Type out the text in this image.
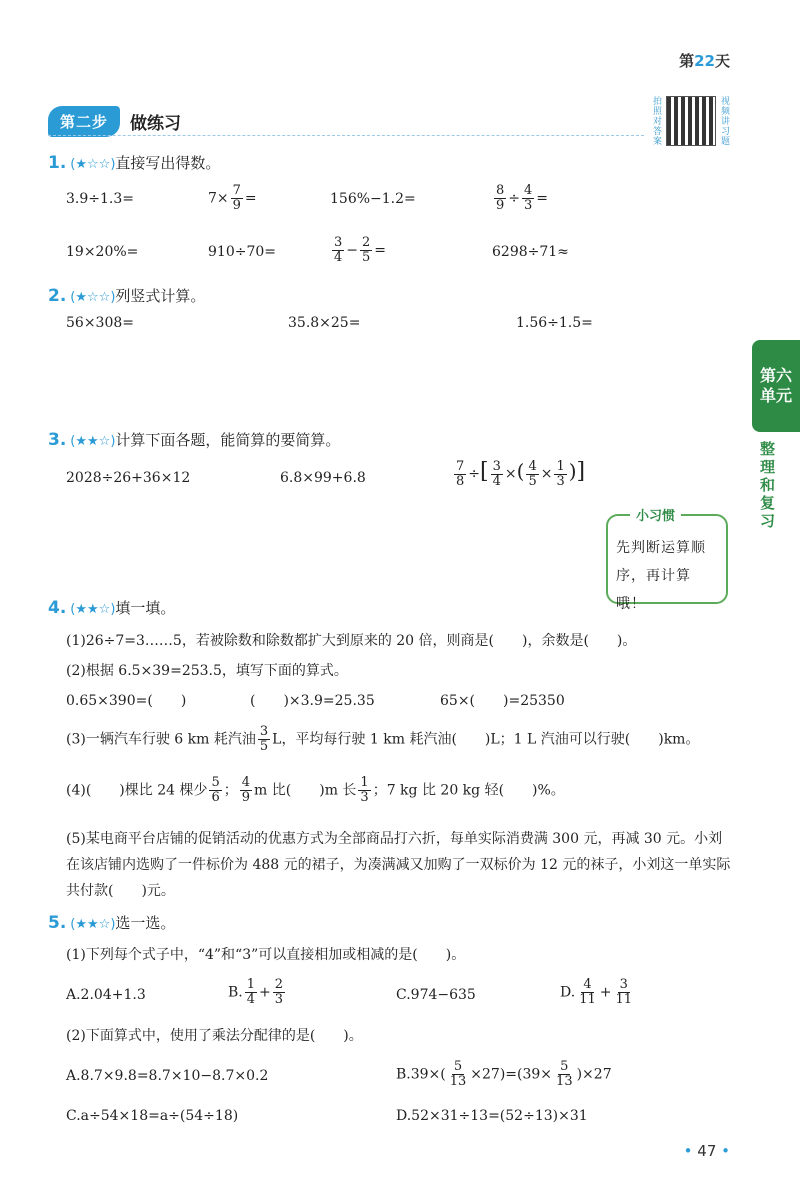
第22天
第二步	做练习	拍照对答案	视频讲习题
第六单元
整理和复习
1. (★☆☆)直接写出得数。
3.9÷1.3=	$7\times \frac{7}{9}$ =	156%−1.2=	$\frac{8}{9} \div \frac{4}{3}$ =
19×20%=	910÷70=	$\frac{3}{4} - \frac{2}{5}$ =	6298÷71≈
2. (★☆☆)列竖式计算。
56×308=	35.8×25=	1.56÷1.5=
3. (★★☆)计算下面各题，能简算的要简算。
2028÷26+36×12	6.8×99+6.8	$\frac{7}{8}$ ÷[ $\frac{3}{4}$ ×( $\frac{4}{5} \times \frac{1}{3}$ )]
小习惯
先判断运算顺序，再计算哦！
4. (★★☆)填一填。
(1)26÷7=3……5，若被除数和除数都扩大到原来的 20 倍，则商是(　　)，余数是(　　)。
(2)根据 6.5×39=253.5，填写下面的算式。
0.65×390=(　　)	(　　)×3.9=25.35	65×(　　)=25350
(3)一辆汽车行驶 6 km 耗汽油 $\frac{3}{5}$ L，平均每行驶 1 km 耗汽油(　　)L；1 L 汽油可以行驶(　　)km。
(4)(　　)棵比 24 棵少 $\frac{5}{6}$ ； $\frac{4}{9}$ m 比(　　)m 长 $\frac{1}{3}$ ；7 kg 比 20 kg 轻(　　)%。
(5)某电商平台店铺的促销活动的优惠方式为全部商品打六折，每单实际消费满 300 元，再减 30 元。小刘在该店铺内选购了一件标价为 488 元的裙子，为凑满减又加购了一双标价为 12 元的袜子，小刘这一单实际共付款(　　)元。
5. (★★☆)选一选。
(1)下列每个式子中，“4”和“3”可以直接相加或相减的是(　　)。
A.2.04+1.3	B. $\frac{1}{4} + \frac{2}{3}$	C.974−635	D. $\frac{4}{11} + \frac{3}{11}$
(2)下面算式中，使用了乘法分配律的是(　　)。
A.8.7×9.8=8.7×10−8.7×0.2	$B.39\times( \frac{5}{13} \times 27)=(39\times \frac{5}{13} )\times 27$
C.a÷54×18=a÷(54÷18)	D.52×31÷13=(52÷13)×31
• 47 •
